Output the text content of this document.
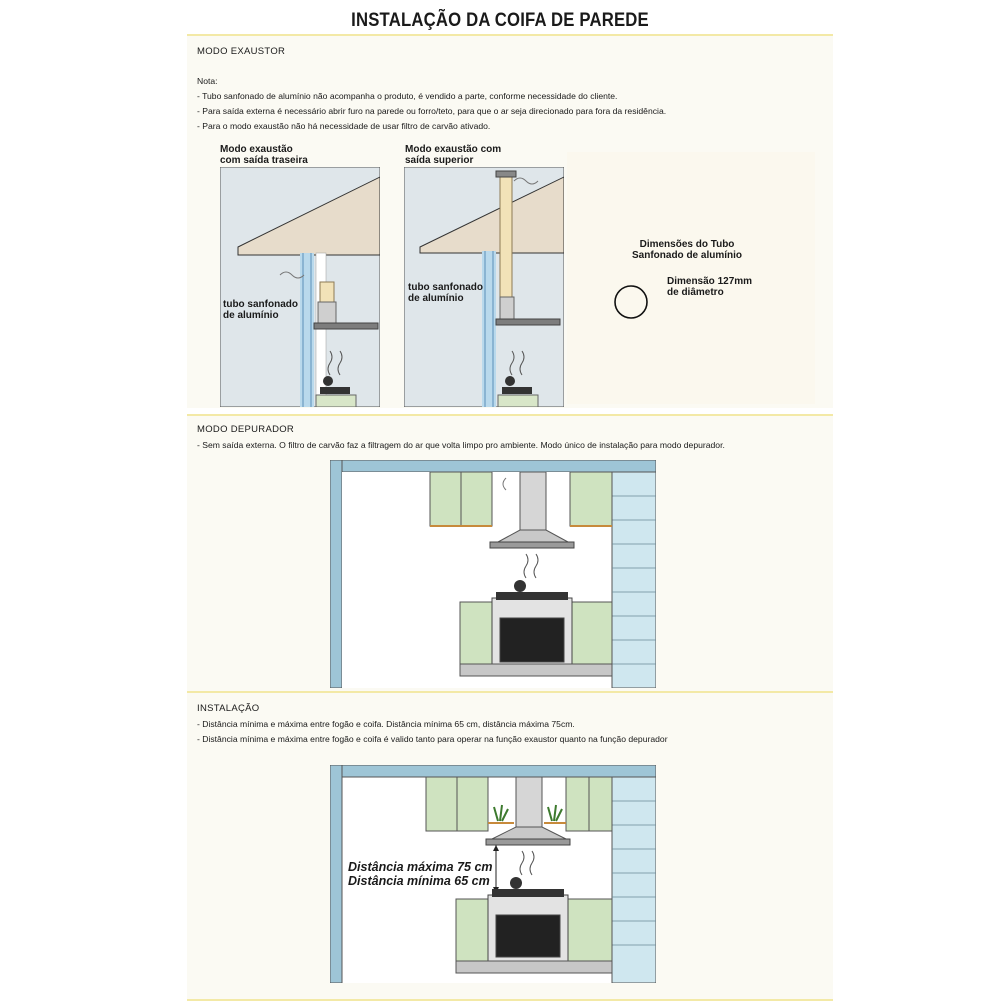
INSTALAÇÃO DA COIFA DE PAREDE
MODO EXAUSTOR
Nota:
- Tubo sanfonado de alumínio não acompanha o produto, é vendido a parte, conforme necessidade do cliente.
- Para saída externa é necessário abrir furo na parede ou forro/teto, para que o ar seja direcionado para fora da residência.
- Para o modo exaustão não há necessidade de usar filtro de carvão ativado.
Modo exaustão
com saída traseira
tubo sanfonado
de alumínio
Modo exaustão com
saída superior
tubo sanfonado
de alumínio
Dimensões do Tubo
Sanfonado de alumínio
Dimensão 127mm
de diâmetro
MODO DEPURADOR
- Sem saída externa. O filtro de carvão faz a filtragem do ar que volta limpo pro ambiente. Modo único de instalação para modo depurador.
INSTALAÇÃO
- Distância mínima e máxima entre fogão e coifa. Distância mínima 65 cm, distância máxima 75cm.
- Distância mínima e máxima entre fogão e coifa é valido tanto para operar na função exaustor quanto na função depurador
Distância máxima 75 cm
Distância mínima 65 cm
